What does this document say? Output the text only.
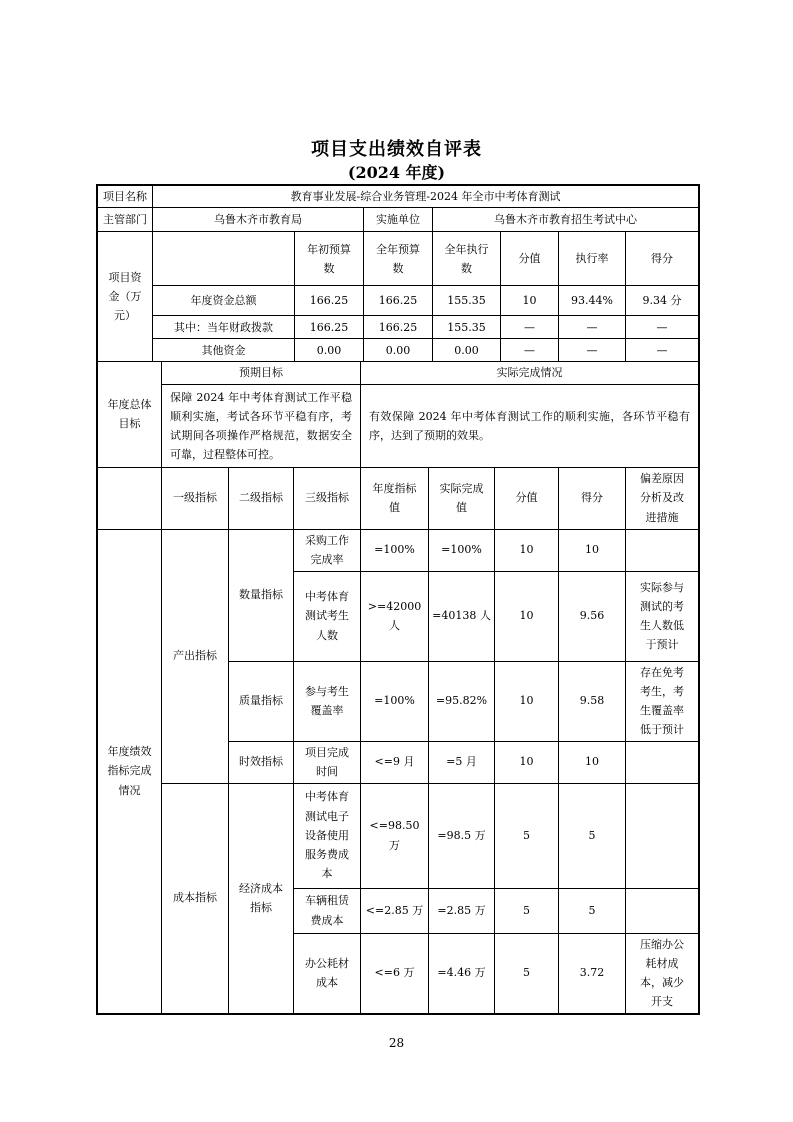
项目支出绩效自评表
(2024 年度)
项目名称	教育事业发展-综合业务管理-2024 年全市中考体育测试						
主管部门	乌鲁木齐市教育局		实施单位	乌鲁木齐市教育招生考试中心			
项目资金（万元）		年初预算数	全年预算数	全年执行数	分值	执行率	得分
	年度资金总额	166.25	166.25	155.35	10	93.44%	9.34 分
	其中：当年财政拨款	166.25	166.25	155.35	—	—	—
	其他资金	0.00	0.00	0.00	—	—	—
年度总体目标	预期目标	实际完成情况
	保障 2024 年中考体育测试工作平稳顺利实施，考试各环节平稳有序，考试期间各项操作严格规范，数据安全可靠，过程整体可控。	有效保障 2024 年中考体育测试工作的顺利实施，各环节平稳有序，达到了预期的效果。
	一级指标	二级指标	三级指标	年度指标值	实际完成值	分值	得分	偏差原因分析及改进措施
年度绩效指标完成情况	产出指标	数量指标	采购工作完成率	=100%	=100%	10	10	
			中考体育测试考生人数	>=42000 人	=40138 人	10	9.56	实际参与测试的考生人数低于预计
		质量指标	参与考生覆盖率	=100%	=95.82%	10	9.58	存在免考考生，考生覆盖率低于预计
		时效指标	项目完成时间	<=9 月	=5 月	10	10	
	成本指标	经济成本指标	中考体育测试电子设备使用服务费成本	<=98.50 万	=98.5 万	5	5	
			车辆租赁费成本	<=2.85 万	=2.85 万	5	5	
			办公耗材成本	<=6 万	=4.46 万	5	3.72	压缩办公耗材成本，减少开支
28
